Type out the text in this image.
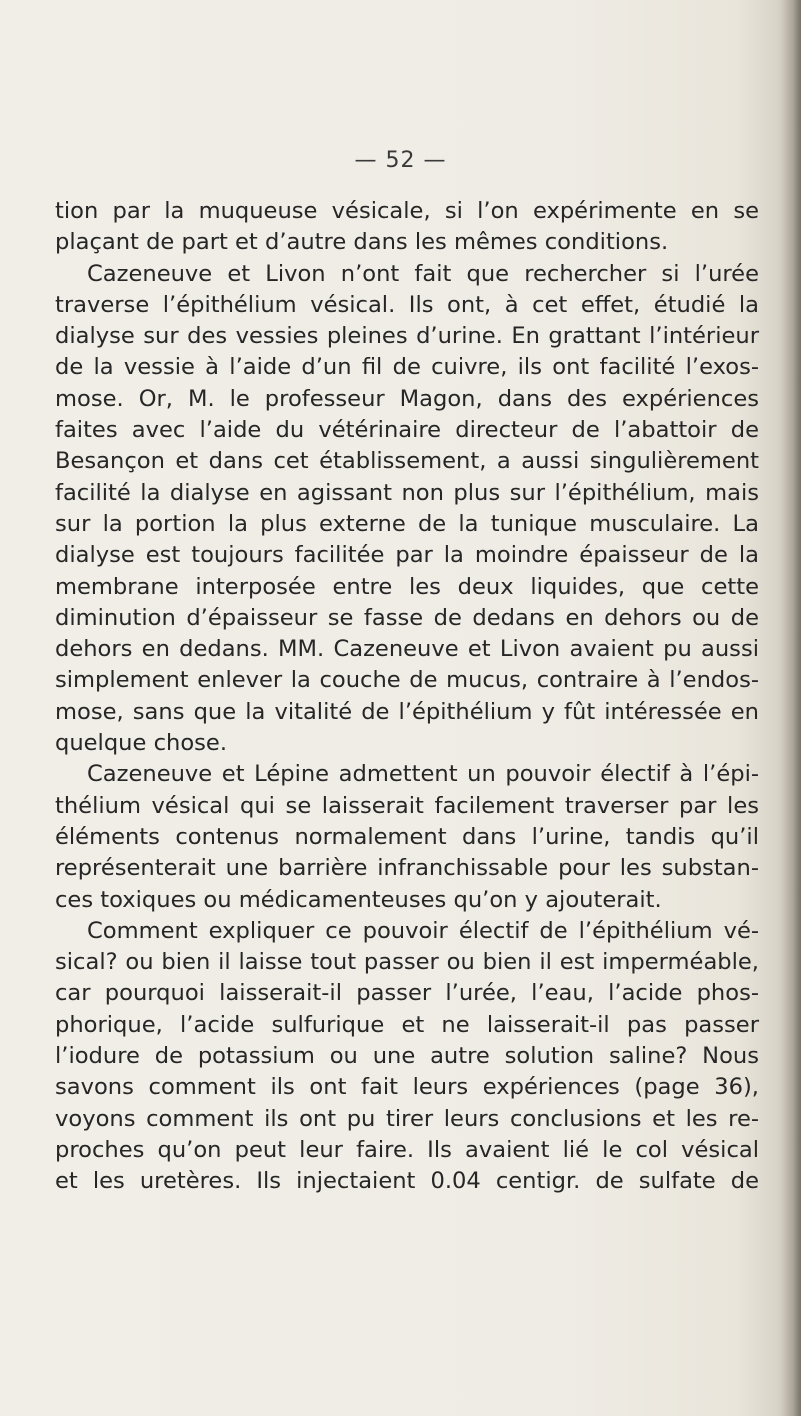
— 52 —
tion par la muqueuse vésicale, si l’on expérimente en se
plaçant de part et d’autre dans les mêmes conditions.
Cazeneuve et Livon n’ont fait que rechercher si l’urée
traverse l’épithélium vésical. Ils ont, à cet effet, étudié la
dialyse sur des vessies pleines d’urine. En grattant l’intérieur
de la vessie à l’aide d’un fil de cuivre, ils ont facilité l’exos-
mose. Or, M. le professeur Magon, dans des expériences
faites avec l’aide du vétérinaire directeur de l’abattoir de
Besançon et dans cet établissement, a aussi singulièrement
facilité la dialyse en agissant non plus sur l’épithélium, mais
sur la portion la plus externe de la tunique musculaire. La
dialyse est toujours facilitée par la moindre épaisseur de la
membrane interposée entre les deux liquides, que cette
diminution d’épaisseur se fasse de dedans en dehors ou de
dehors en dedans. MM. Cazeneuve et Livon avaient pu aussi
simplement enlever la couche de mucus, contraire à l’endos-
mose, sans que la vitalité de l’épithélium y fût intéressée en
quelque chose.
Cazeneuve et Lépine admettent un pouvoir électif à l’épi-
thélium vésical qui se laisserait facilement traverser par les
éléments contenus normalement dans l’urine, tandis qu’il
représenterait une barrière infranchissable pour les substan-
ces toxiques ou médicamenteuses qu’on y ajouterait.
Comment expliquer ce pouvoir électif de l’épithélium vé-
sical? ou bien il laisse tout passer ou bien il est imperméable,
car pourquoi laisserait-il passer l’urée, l’eau, l’acide phos-
phorique, l’acide sulfurique et ne laisserait-il pas passer
l’iodure de potassium ou une autre solution saline? Nous
savons comment ils ont fait leurs expériences (page 36),
voyons comment ils ont pu tirer leurs conclusions et les re-
proches qu’on peut leur faire. Ils avaient lié le col vésical
et les uretères. Ils injectaient 0.04 centigr. de sulfate de
